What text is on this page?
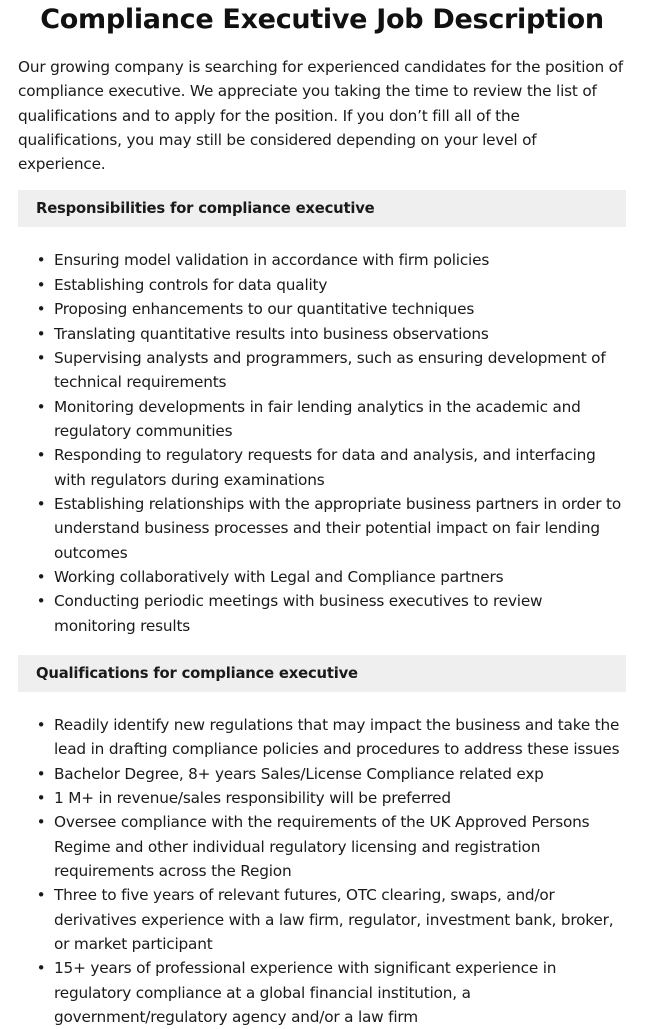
Compliance Executive Job Description

Our growing company is searching for experienced candidates for the position of compliance executive. We appreciate you taking the time to review the list of qualifications and to apply for the position. If you don’t fill all of the qualifications, you may still be considered depending on your level of experience.

Responsibilities for compliance executive
• Ensuring model validation in accordance with firm policies
• Establishing controls for data quality
• Proposing enhancements to our quantitative techniques
• Translating quantitative results into business observations
• Supervising analysts and programmers, such as ensuring development of technical requirements
• Monitoring developments in fair lending analytics in the academic and regulatory communities
• Responding to regulatory requests for data and analysis, and interfacing with regulators during examinations
• Establishing relationships with the appropriate business partners in order to understand business processes and their potential impact on fair lending outcomes
• Working collaboratively with Legal and Compliance partners
• Conducting periodic meetings with business executives to review monitoring results
Qualifications for compliance executive
• Readily identify new regulations that may impact the business and take the lead in drafting compliance policies and procedures to address these issues
• Bachelor Degree, 8+ years Sales/License Compliance related exp
• 1 M+ in revenue/sales responsibility will be preferred
• Oversee compliance with the requirements of the UK Approved Persons Regime and other individual regulatory licensing and registration requirements across the Region
• Three to five years of relevant futures, OTC clearing, swaps, and/or derivatives experience with a law firm, regulator, investment bank, broker, or market participant
• 15+ years of professional experience with significant experience in regulatory compliance at a global financial institution, a government/regulatory agency and/or a law firm
